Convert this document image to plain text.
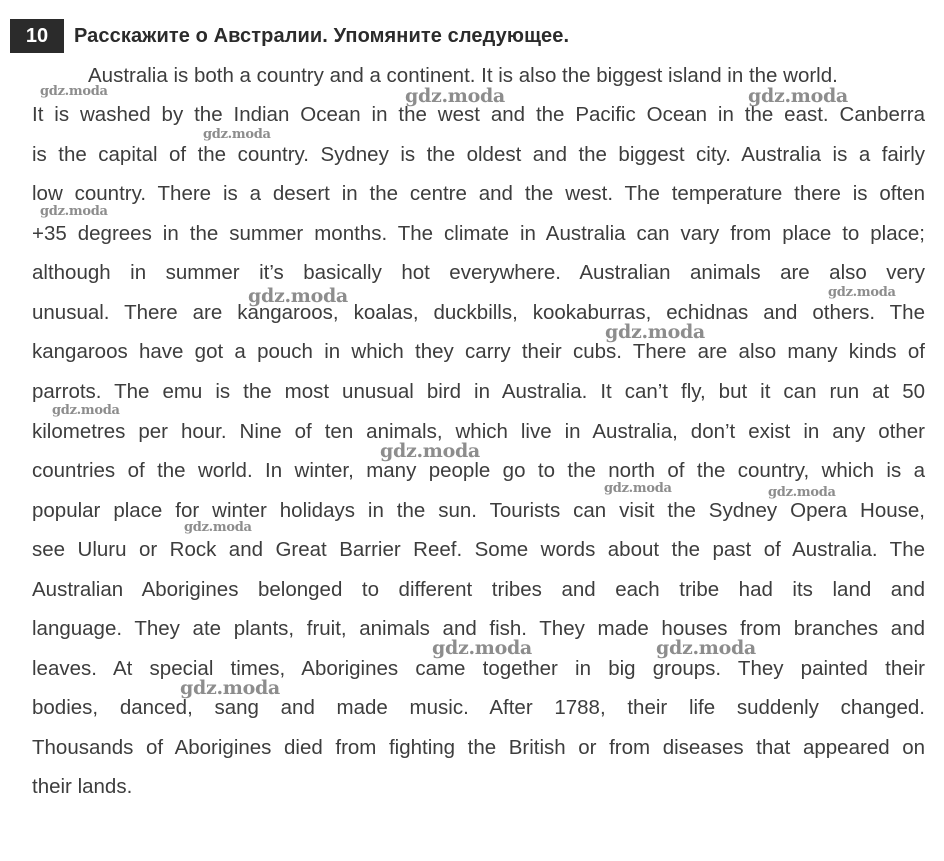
10	Расскажите о Австралии. Упомяните следующее.
Australia is both a country and a continent. It is also the biggest island in the world.
It is washed by the Indian Ocean in the west and the Pacific Ocean in the east. Canberra
is the capital of the country. Sydney is the oldest and the biggest city. Australia is a fairly
low country. There is a desert in the centre and the west. The temperature there is often
+35 degrees in the summer months. The climate in Australia can vary from place to place;
although in summer it’s basically hot everywhere. Australian animals are also very
unusual. There are kangaroos, koalas, duckbills, kookaburras, echidnas and others. The
kangaroos have got a pouch in which they carry their cubs. There are also many kinds of
parrots. The emu is the most unusual bird in Australia. It can’t fly, but it can run at 50
kilometres per hour. Nine of ten animals, which live in Australia, don’t exist in any other
countries of the world. In winter, many people go to the north of the country, which is a
popular place for winter holidays in the sun. Tourists can visit the Sydney Opera House,
see Uluru or Rock and Great Barrier Reef. Some words about the past of Australia. The
Australian Aborigines belonged to different tribes and each tribe had its land and
language. They ate plants, fruit, animals and fish. They made houses from branches and
leaves. At special times, Aborigines came together in big groups. They painted their
bodies, danced, sang and made music. After 1788, their life suddenly changed.
Thousands of Aborigines died from fighting the British or from diseases that appeared on
their lands.
gdz.moda	gdz.moda	gdz.moda
gdz.moda
gdz.moda
gdz.moda	gdz.moda
gdz.moda
gdz.moda
gdz.moda
gdz.moda	gdz.moda
gdz.moda
gdz.moda	gdz.moda
gdz.moda
